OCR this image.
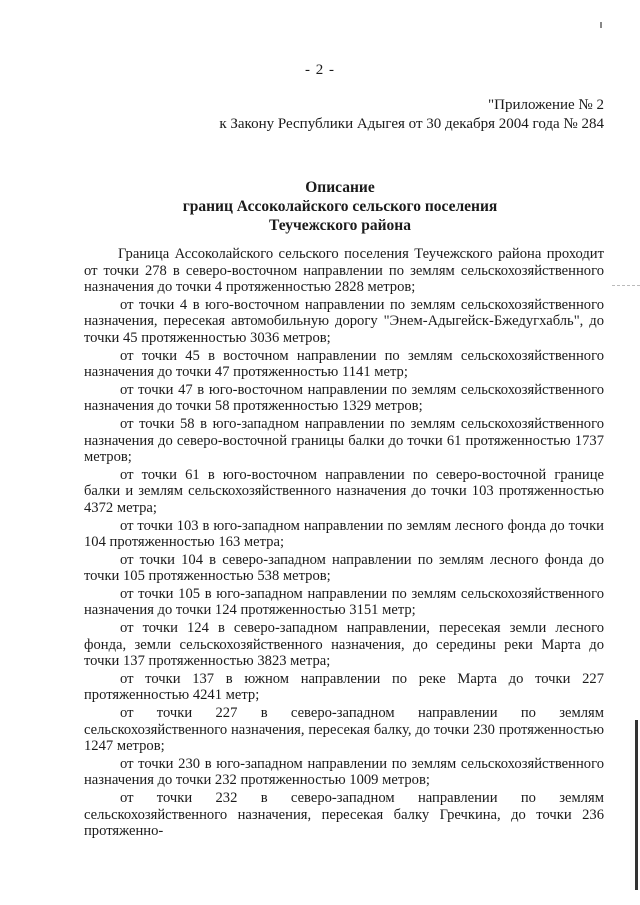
- 2 -
"Приложение № 2
к Закону Республики Адыгея от 30 декабря 2004 года № 284
Описание
границ Ассоколайского сельского поселения
Теучежского района

Граница Ассоколайского сельского поселения Теучежского района проходит от точки 278 в северо-восточном направлении по землям сельскохозяйственного назначения до точки 4 протяженностью 2828 метров;

от точки 4 в юго-восточном направлении по землям сельскохозяйственного назначения, пересекая автомобильную дорогу "Энем-Адыгейск-Бжедугхабль", до точки 45 протяженностью 3036 метров;

от точки 45 в восточном направлении по землям сельскохозяйственного назначения до точки 47 протяженностью 1141 метр;

от точки 47 в юго-восточном направлении по землям сельскохозяйственного назначения до точки 58 протяженностью 1329 метров;

от точки 58 в юго-западном направлении по землям сельскохозяйственного назначения до северо-восточной границы балки до точки 61 протяженностью 1737 метров;

от точки 61 в юго-восточном направлении по северо-восточной границе балки и землям сельскохозяйственного назначения до точки 103 протяженностью 4372 метра;

от точки 103 в юго-западном направлении по землям лесного фонда до точки 104 протяженностью 163 метра;

от точки 104 в северо-западном направлении по землям лесного фонда до точки 105 протяженностью 538 метров;

от точки 105 в юго-западном направлении по землям сельскохозяйственного назначения до точки 124 протяженностью 3151 метр;

от точки 124 в северо-западном направлении, пересекая земли лесного фонда, земли сельскохозяйственного назначения, до середины реки Марта до точки 137 протяженностью 3823 метра;

от точки 137 в южном направлении по реке Марта до точки 227 протяженностью 4241 метр;

от точки 227 в северо-западном направлении по землям сельскохозяйственного назначения, пересекая балку, до точки 230 протяженностью 1247 метров;

от точки 230 в юго-западном направлении по землям сельскохозяйственного назначения до точки 232 протяженностью 1009 метров;

от точки 232 в северо-западном направлении по землям сельскохозяйственного назначения, пересекая балку Гречкина, до точки 236 протяженно-
